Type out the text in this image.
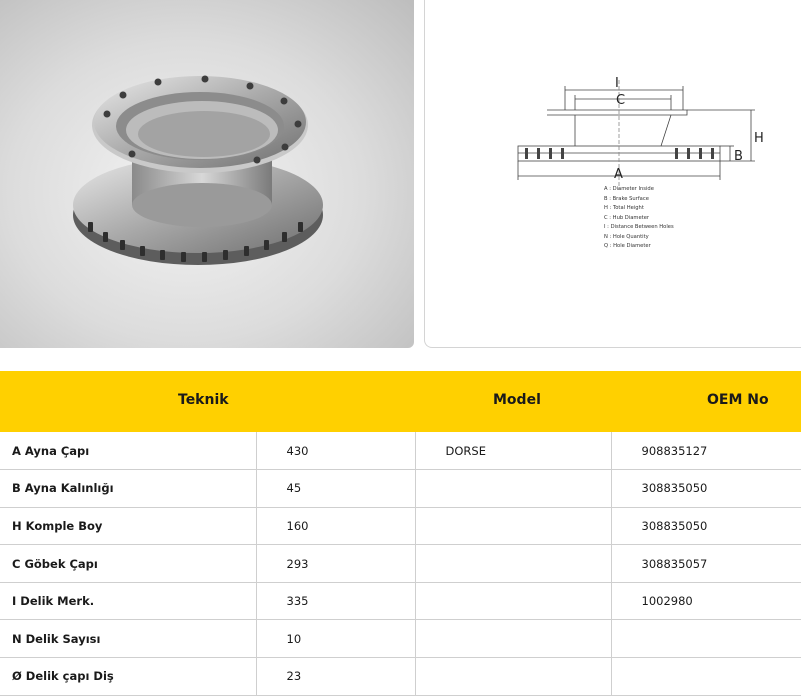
I
C
H
B
A
A : Diameter Inside
B : Brake Surface
H : Total Height
C : Hub Diameter
I : Distance Between Holes
N : Hole Quantity
Q : Hole Diameter
Teknik	Model	OEM No
A Ayna Çapı	430	DORSE	908835127
B Ayna Kalınlığı	45		308835050
H Komple Boy	160		308835050
C Göbek Çapı	293		308835057
I Delik Merk.	335		1002980
N Delik Sayısı	10		
Ø Delik çapı Diş	23		
